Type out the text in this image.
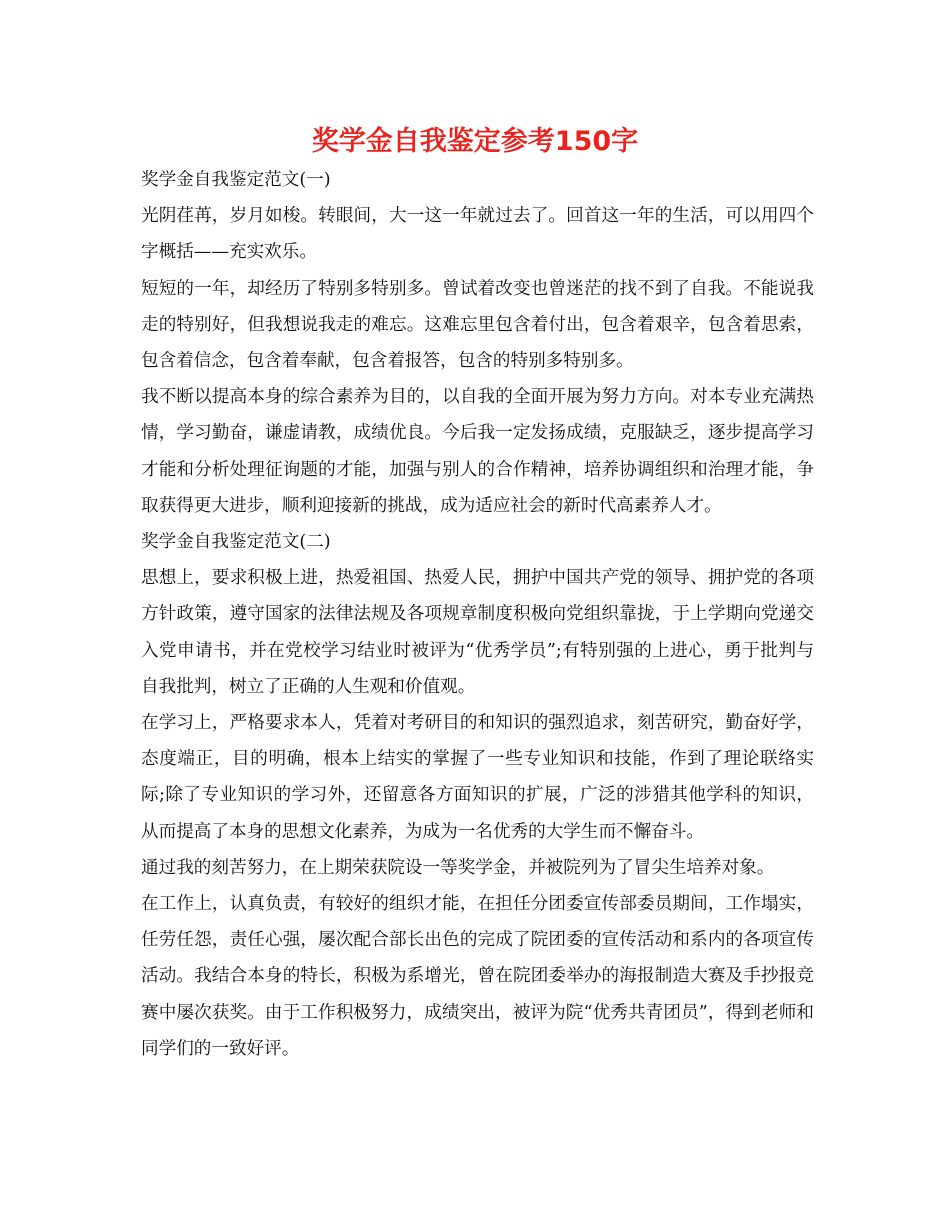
奖学金自我鉴定参考150字

奖学金自我鉴定范文(一)

光阴荏苒，岁月如梭。转眼间，大一这一年就过去了。回首这一年的生活，可以用四个字概括——充实欢乐。

短短的一年，却经历了特别多特别多。曾试着改变也曾迷茫的找不到了自我。不能说我走的特别好，但我想说我走的难忘。这难忘里包含着付出，包含着艰辛，包含着思索，包含着信念，包含着奉献，包含着报答，包含的特别多特别多。

我不断以提高本身的综合素养为目的，以自我的全面开展为努力方向。对本专业充满热情，学习勤奋，谦虚请教，成绩优良。今后我一定发扬成绩，克服缺乏，逐步提高学习才能和分析处理征询题的才能，加强与别人的合作精神，培养协调组织和治理才能，争取获得更大进步，顺利迎接新的挑战，成为适应社会的新时代高素养人才。

奖学金自我鉴定范文(二)

思想上，要求积极上进，热爱祖国、热爱人民，拥护中国共产党的领导、拥护党的各项方针政策，遵守国家的法律法规及各项规章制度积极向党组织靠拢，于上学期向党递交入党申请书，并在党校学习结业时被评为“优秀学员”;有特别强的上进心，勇于批判与自我批判，树立了正确的人生观和价值观。

在学习上，严格要求本人，凭着对考研目的和知识的强烈追求，刻苦研究，勤奋好学，态度端正，目的明确，根本上结实的掌握了一些专业知识和技能，作到了理论联络实际;除了专业知识的学习外，还留意各方面知识的扩展，广泛的涉猎其他学科的知识，从而提高了本身的思想文化素养，为成为一名优秀的大学生而不懈奋斗。

通过我的刻苦努力，在上期荣获院设一等奖学金，并被院列为了冒尖生培养对象。

在工作上，认真负责，有较好的组织才能，在担任分团委宣传部委员期间，工作塌实，任劳任怨，责任心强，屡次配合部长出色的完成了院团委的宣传活动和系内的各项宣传活动。我结合本身的特长，积极为系增光，曾在院团委举办的海报制造大赛及手抄报竞赛中屡次获奖。由于工作积极努力，成绩突出，被评为院“优秀共青团员”，得到老师和同学们的一致好评。
